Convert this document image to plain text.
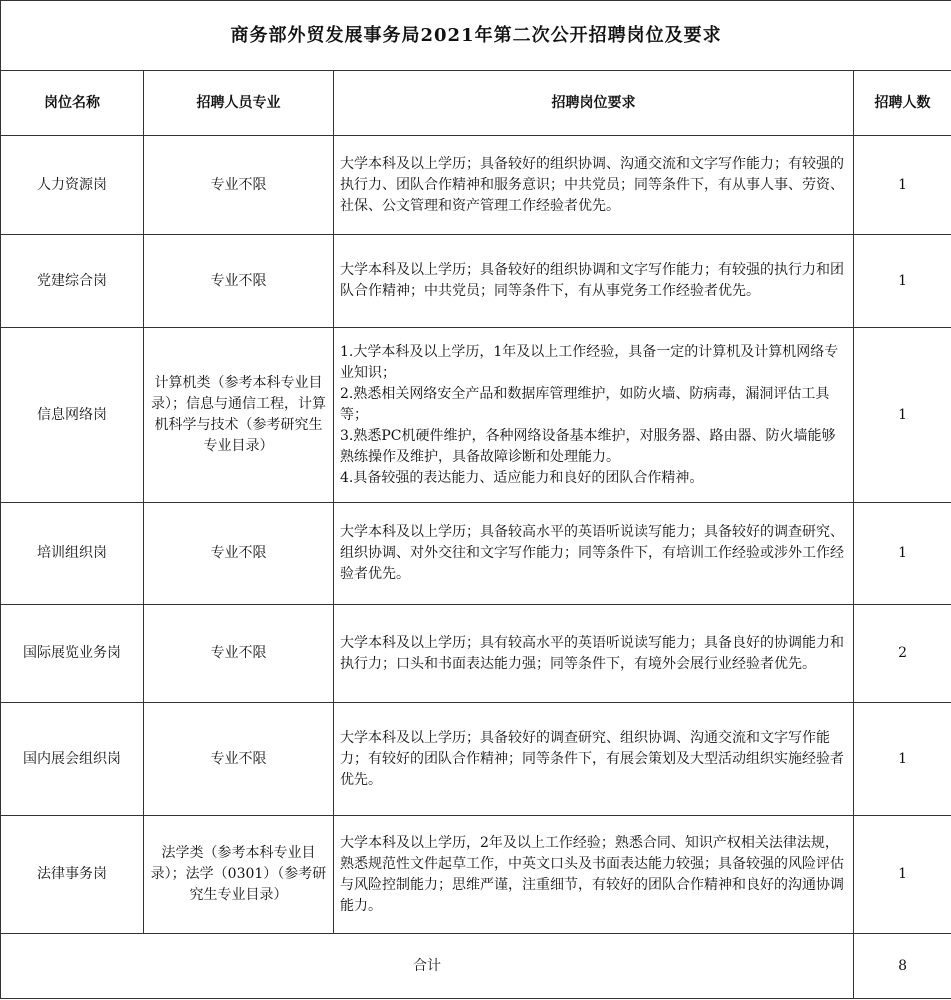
商务部外贸发展事务局2021年第二次公开招聘岗位及要求			
岗位名称	招聘人员专业	招聘岗位要求	招聘人数
人力资源岗	专业不限	大学本科及以上学历；具备较好的组织协调、沟通交流和文字写作能力；有较强的执行力、团队合作精神和服务意识；中共党员；同等条件下，有从事人事、劳资、社保、公文管理和资产管理工作经验者优先。	1
党建综合岗	专业不限	大学本科及以上学历；具备较好的组织协调和文字写作能力；有较强的执行力和团队合作精神；中共党员；同等条件下，有从事党务工作经验者优先。	1
信息网络岗	计算机类（参考本科专业目录）；信息与通信工程，计算机科学与技术（参考研究生专业目录）	1.大学本科及以上学历，1年及以上工作经验，具备一定的计算机及计算机网络专业知识；
2.熟悉相关网络安全产品和数据库管理维护，如防火墙、防病毒，漏洞评估工具等；
3.熟悉PC机硬件维护，各种网络设备基本维护，对服务器、路由器、防火墙能够熟练操作及维护，具备故障诊断和处理能力。
4.具备较强的表达能力、适应能力和良好的团队合作精神。	1
培训组织岗	专业不限	大学本科及以上学历；具备较高水平的英语听说读写能力；具备较好的调查研究、组织协调、对外交往和文字写作能力；同等条件下，有培训工作经验或涉外工作经验者优先。	1
国际展览业务岗	专业不限	大学本科及以上学历；具有较高水平的英语听说读写能力；具备良好的协调能力和执行力；口头和书面表达能力强；同等条件下，有境外会展行业经验者优先。	2
国内展会组织岗	专业不限	大学本科及以上学历；具备较好的调查研究、组织协调、沟通交流和文字写作能力；有较好的团队合作精神；同等条件下，有展会策划及大型活动组织实施经验者优先。	1
法律事务岗	法学类（参考本科专业目录）；法学（0301）（参考研究生专业目录）	大学本科及以上学历，2年及以上工作经验；熟悉合同、知识产权相关法律法规，熟悉规范性文件起草工作，中英文口头及书面表达能力较强；具备较强的风险评估与风险控制能力；思维严谨，注重细节，有较好的团队合作精神和良好的沟通协调能力。	1
合计			8
